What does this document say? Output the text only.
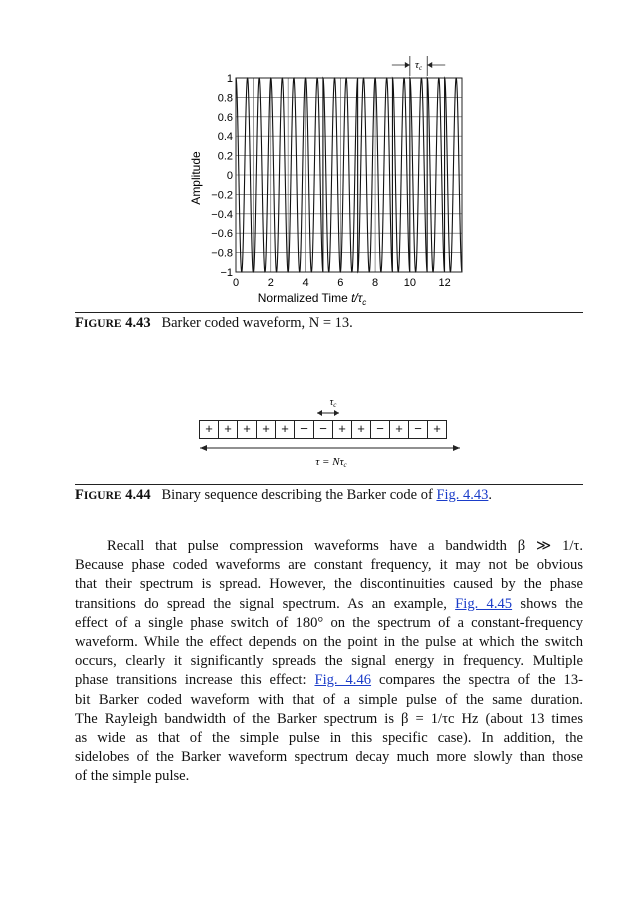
1
0.8
0.6
0.4
0.2
0
−0.2
−0.4
−0.6
−0.8
−1
0	2	4	6	8 10 12
Amplitude
Normalized Time $t/\tau_c$
τc
FIGURE 4.43 Barker coded waveform, N = 13.
$\tau_c$
+ + + + + − − + + − + − +
τ = Nτc
FIGURE 4.44 Binary sequence describing the Barker code of Fig. 4.43.
Recall that pulse compression waveforms have a bandwidth β ≫ 1/τ.
Because phase coded waveforms are constant frequency, it may not be obvious
that their spectrum is spread. However, the discontinuities caused by the phase
transitions do spread the signal spectrum. As an example, Fig. 4.45 shows the
effect of a single phase switch of 180° on the spectrum of a constant-frequency
waveform. While the effect depends on the point in the pulse at which the switch
occurs, clearly it significantly spreads the signal energy in frequency. Multiple
phase transitions increase this effect: Fig. 4.46 compares the spectra of the 13-
bit Barker coded waveform with that of a simple pulse of the same duration.
The Rayleigh bandwidth of the Barker spectrum is β = 1/τc Hz (about 13 times
as wide as that of the simple pulse in this specific case). In addition, the
sidelobes of the Barker waveform spectrum decay much more slowly than those
of the simple pulse.
